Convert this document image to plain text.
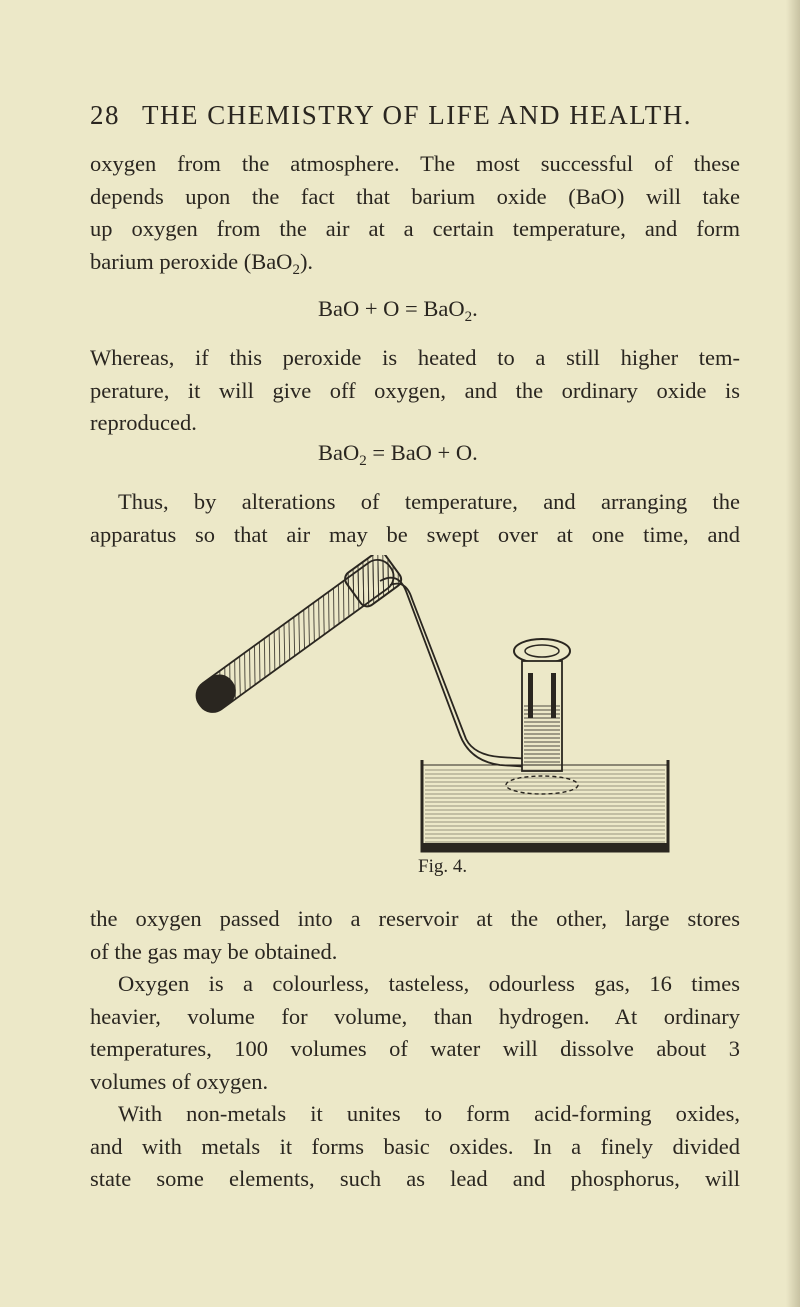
28 THE CHEMISTRY OF LIFE AND HEALTH.
oxygen from the atmosphere. The most successful of these
depends upon the fact that barium oxide (BaO) will take
up oxygen from the air at a certain temperature, and form
barium peroxide (BaO$_2$).
BaO + O = BaO$_2$.
Whereas, if this peroxide is heated to a still higher tem-
perature, it will give off oxygen, and the ordinary oxide is
reproduced.
BaO$_2$ = BaO + O.
Thus, by alterations of temperature, and arranging the
apparatus so that air may be swept over at one time, and
Fig. 4.
the oxygen passed into a reservoir at the other, large stores
of the gas may be obtained.
Oxygen is a colourless, tasteless, odourless gas, 16 times
heavier, volume for volume, than hydrogen. At ordinary
temperatures, 100 volumes of water will dissolve about 3
volumes of oxygen.
With non-metals it unites to form acid-forming oxides,
and with metals it forms basic oxides. In a finely divided
state some elements, such as lead and phosphorus, will
